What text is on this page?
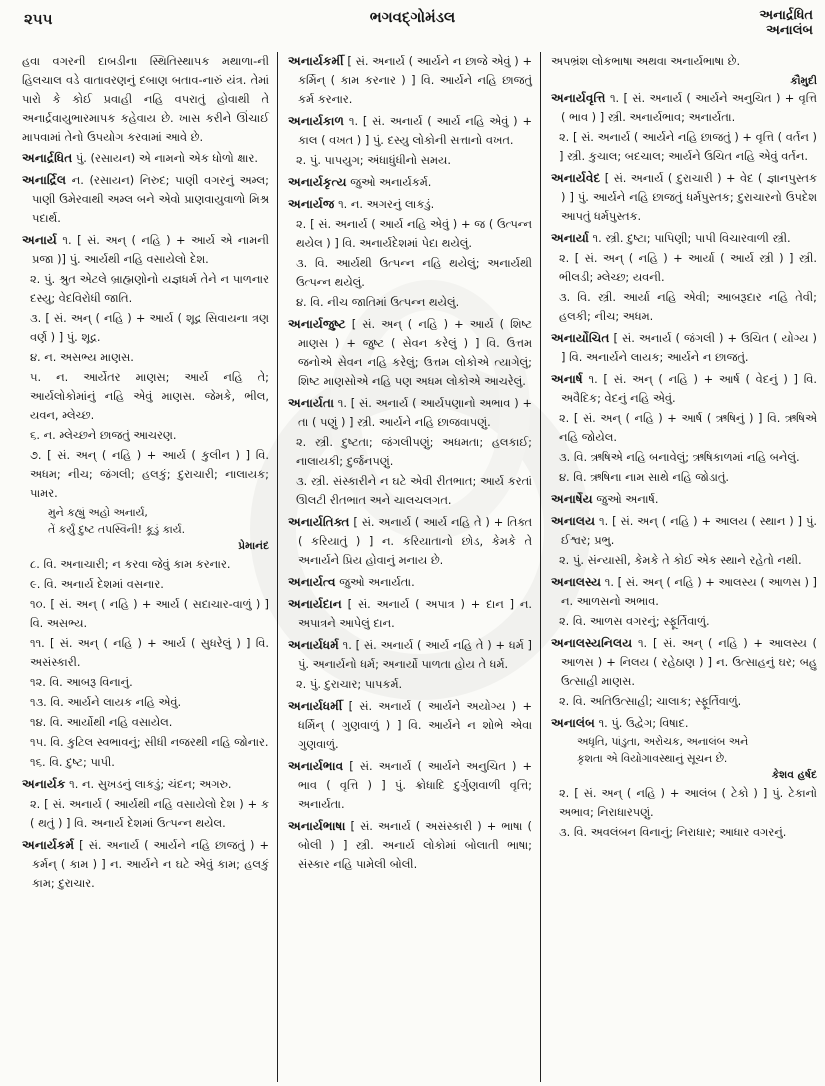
૨૫૫	ભગવદ્ગોમંડલ	અનાર્દ્રધિત
અનાલંબ
હવા વગરની દાબડીના સ્થિતિસ્થાપક મથાળા-ની હિલચાલ વડે વાતાવરણનું દબાણ બતાવ-નારું યંત્ર. તેમાં પારો કે કોઈ પ્રવાહી નહિ વપરાતું હોવાથી તે અનાર્દ્રવાયુભારમાપક કહેવાય છે. ખાસ કરીને ઊંચાઈ માપવામાં તેનો ઉપયોગ કરવામાં આવે છે.
અનાર્દ્રધિત પું. (રસાયન) એ નામનો એક ધોળો ક્ષાર.
અનાર્દ્રિલ ન. (રસાયન) નિરુદ; પાણી વગરનું અમ્લ; પાણી ઉમેરવાથી અમ્લ બને એવો પ્રાણવાયુવાળો મિશ્ર પદાર્થ.
અનાર્ય ૧. [ સં. અન્ ( નહિ ) + આર્ય એ નામની પ્રજા )] પું. આર્યથી નહિ વસાયેલો દેશ.
૨. પું. શ્રુત એટલે બ્રાહ્મણોનો યજ્ઞધર્મ તેને ન પાળનાર દસ્યુ; વેદવિરોધી જાતિ.
૩. [ સં. અન્ ( નહિ ) + આર્ય ( શૂદ્ર સિવાયના ત્રણ વર્ણ ) ] પું. શૂદ્ર.
૪. ન. અસભ્ય માણસ.
૫. ન. આર્યેતર માણસ; આર્ય નહિ તે; આર્યલોકોમાંનું નહિ એવું માણસ. જેમકે, ભીલ, યવન, મ્લેચ્છ.
૬. ન. મ્લેચ્છને છાજતું આચરણ.
૭. [ સં. અન્ ( નહિ ) + આર્ય ( કુલીન ) ] વિ. અધમ; નીચ; જંગલી; હલકું; દુરાચારી; નાલાયક; પામર.
મુને કહ્યું અહો અનાર્ય,
તેં કર્યું દુષ્ટ તપસ્વિની! કૂડું કાર્ય.
પ્રેમાનંદ
૮. વિ. અનાચારી; ન કરવા જેવું કામ કરનાર.
૯. વિ. અનાર્ય દેશમાં વસનાર.
૧૦. [ સં. અન્ ( નહિ ) + આર્ય ( સદાચાર-વાળું ) ] વિ. અસભ્ય.
૧૧. [ સં. અન્ ( નહિ ) + આર્ય ( સુધરેલું ) ] વિ. અસંસ્કારી.
૧૨. વિ. આબરૂ વિનાનું.
૧૩. વિ. આર્યને લાયક નહિ એવું.
૧૪. વિ. આર્યોથી નહિ વસાયેલ.
૧૫. વિ. કુટિલ સ્વભાવનું; સીધી નજરથી નહિ જોનાર.
૧૬. વિ. દુષ્ટ; પાપી.
અનાર્યક ૧. ન. સુખડનું લાકડું; ચંદન; અગરુ.
૨. [ સં. અનાર્ય ( આર્યથી નહિ વસાયેલો દેશ ) + ક ( થતું ) ] વિ. અનાર્ય દેશમાં ઉત્પન્ન થયેલ.
અનાર્યકર્મ [ સં. અનાર્ય ( આર્યને નહિ છાજતું ) + કર્મન્ ( કામ ) ] ન. આર્યને ન ઘટે એવું કામ; હલકું કામ; દુરાચાર.
અનાર્યકર્મી [ સં. અનાર્ય ( આર્યને ન છાજે એવું ) + કર્મિન્ ( કામ કરનાર ) ] વિ. આર્યને નહિ છાજતું કર્મ કરનાર.
અનાર્યકાળ ૧. [ સં. અનાર્ય ( આર્ય નહિ એવું ) + કાલ ( વખત ) ] પું. દસ્યુ લોકોની સત્તાનો વખત.
૨. પું. પાપયુગ; અંધાધુંધીનો સમય.
અનાર્યકૃત્ય જુઓ અનાર્યકર્મ.
અનાર્યજ ૧. ન. અગરનું લાકડું.
૨. [ સં. અનાર્ય ( આર્ય નહિ એવું ) + જ ( ઉત્પન્ન થયેલ ) ] વિ. અનાર્યદેશમાં પેદા થયેલું.
૩. વિ. આર્યથી ઉત્પન્ન નહિ થયેલું; અનાર્યથી ઉત્પન્ન થયેલું.
૪. વિ. નીચ જાતિમાં ઉત્પન્ન થયેલું.
અનાર્યજુષ્ટ [ સં. અન્ ( નહિ ) + આર્ય ( શિષ્ટ માણસ ) + જુષ્ટ ( સેવન કરેલું ) ] વિ. ઉત્તમ જનોએ સેવન નહિ કરેલું; ઉત્તમ લોકોએ ત્યાગેલું; શિષ્ટ માણસોએ નહિ પણ અધમ લોકોએ આચરેલું.
અનાર્યતા ૧. [ સં. અનાર્ય ( આર્યપણાનો અભાવ ) + તા ( પણું ) ] સ્ત્રી. આર્યને નહિ છાજવાપણું.
૨. સ્ત્રી. દુષ્ટતા; જંગલીપણું; અધમતા; હલકાઈ; નાલાયકી; દુર્જનપણું.
૩. સ્ત્રી. સંસ્કારીને ન ઘટે એવી રીતભાત; આર્ય કરતાં ઊલટી રીતભાત અને ચાલચલગત.
અનાર્યતિક્ત [ સં. અનાર્ય ( આર્ય નહિ તે ) + તિક્ત ( કરિયાતું ) ] ન. કરિયાતાનો છોડ, કેમકે તે અનાર્યને પ્રિય હોવાનું મનાય છે.
અનાર્યત્વ જુઓ અનાર્યતા.
અનાર્યદાન [ સં. અનાર્ય ( અપાત્ર ) + દાન ] ન. અપાત્રને આપેલું દાન.
અનાર્યધર્મ ૧. [ સં. અનાર્ય ( આર્ય નહિ તે ) + ધર્મ ] પું. અનાર્યનો ધર્મ; અનાર્યો પાળતા હોય તે ધર્મ.
૨. પું. દુરાચાર; પાપકર્મ.
અનાર્યધર્મી [ સં. અનાર્ય ( આર્યને અયોગ્ય ) + ધર્મિન્ ( ગુણવાળું ) ] વિ. આર્યને ન શોભે એવા ગુણવાળું.
અનાર્યભાવ [ સં. અનાર્ય ( આર્યને અનુચિત ) + ભાવ ( વૃત્તિ ) ] પું. ક્રોધાદિ દુર્ગુણવાળી વૃત્તિ; અનાર્યતા.
અનાર્યભાષા [ સં. અનાર્ય ( અસંસ્કારી ) + ભાષા ( બોલી ) ] સ્ત્રી. અનાર્ય લોકોમાં બોલાતી ભાષા; સંસ્કાર નહિ પામેલી બોલી.
અપભ્રંશ લોકભાષા અથવા અનાર્યભાષા છે.
કૌમુદી
અનાર્યવૃત્તિ ૧. [ સં. અનાર્ય ( આર્યને અનુચિત ) + વૃત્તિ ( ભાવ ) ] સ્ત્રી. અનાર્યભાવ; અનાર્યતા.
૨. [ સં. અનાર્ય ( આર્યને નહિ છાજતું ) + વૃત્તિ ( વર્તન ) ] સ્ત્રી. કુચાલ; બદચાલ; આર્યને ઉચિત નહિ એવું વર્તન.
અનાર્યવેદ [ સં. અનાર્ય ( દુરાચારી ) + વેદ ( જ્ઞાનપુસ્તક ) ] પું. આર્યને નહિ છાજતું ધર્મપુસ્તક; દુરાચારનો ઉપદેશ આપતું ધર્મપુસ્તક.
અનાર્યા ૧. સ્ત્રી. દુષ્ટા; પાપિણી; પાપી વિચારવાળી સ્ત્રી.
૨. [ સં. અન્ ( નહિ ) + આર્યા ( આર્ય સ્ત્રી ) ] સ્ત્રી. ભીલડી; મ્લેચ્છ; યવની.
૩. વિ. સ્ત્રી. આર્યા નહિ એવી; આબરૂદાર નહિ તેવી; હલકી; નીચ; અધમ.
અનાર્યોચિત [ સં. અનાર્ય ( જંગલી ) + ઉચિત ( યોગ્ય ) ] વિ. અનાર્યને લાયક; આર્યને ન છાજતું.
અનાર્ષ ૧. [ સં. અન્ ( નહિ ) + આર્ષ ( વેદનું ) ] વિ. અવૈદિક; વેદનું નહિ એવું.
૨. [ સં. અન્ ( નહિ ) + આર્ષ ( ઋષિનું ) ] વિ. ઋષિએ નહિ જોયેલ.
૩. વિ. ઋષિએ નહિ બનાવેલું; ઋષિકાળમાં નહિ બનેલું.
૪. વિ. ઋષિના નામ સાથે નહિ જોડાતું.
અનાર્ષેય જુઓ અનાર્ષ.
અનાલય ૧. [ સં. અન્ ( નહિ ) + આલય ( સ્થાન ) ] પું. ઈશ્વર; પ્રભુ.
૨. પું. સંન્યાસી, કેમકે તે કોઈ એક સ્થાને રહેતો નથી.
અનાલસ્ય ૧. [ સં. અન્ ( નહિ ) + આલસ્ય ( આળસ ) ] ન. આળસનો અભાવ.
૨. વિ. આળસ વગરનું; સ્ફૂર્તિવાળું.
અનાલસ્યનિલય ૧. [ સં. અન્ ( નહિ ) + આલસ્ય ( આળસ ) + નિલય ( રહેઠાણ ) ] ન. ઉત્સાહનું ઘર; બહુ ઉત્સાહી માણસ.
૨. વિ. અતિઉત્સાહી; ચાલાક; સ્ફૂર્તિવાળું.
અનાલંબ ૧. પું. ઉદ્વેગ; વિષાદ.
અધૃતિ, પાંડુતા, અરોચક, અનાલંબ અને
કૃશતા એ વિયોગાવસ્થાનું સૂચન છે.
કેશવ હર્ષદ
૨. [ સં. અન્ ( નહિ ) + આલંબ ( ટેકો ) ] પું. ટેકાનો અભાવ; નિરાધારપણું.
૩. વિ. અવલંબન વિનાનું; નિરાધાર; આધાર વગરનું.
